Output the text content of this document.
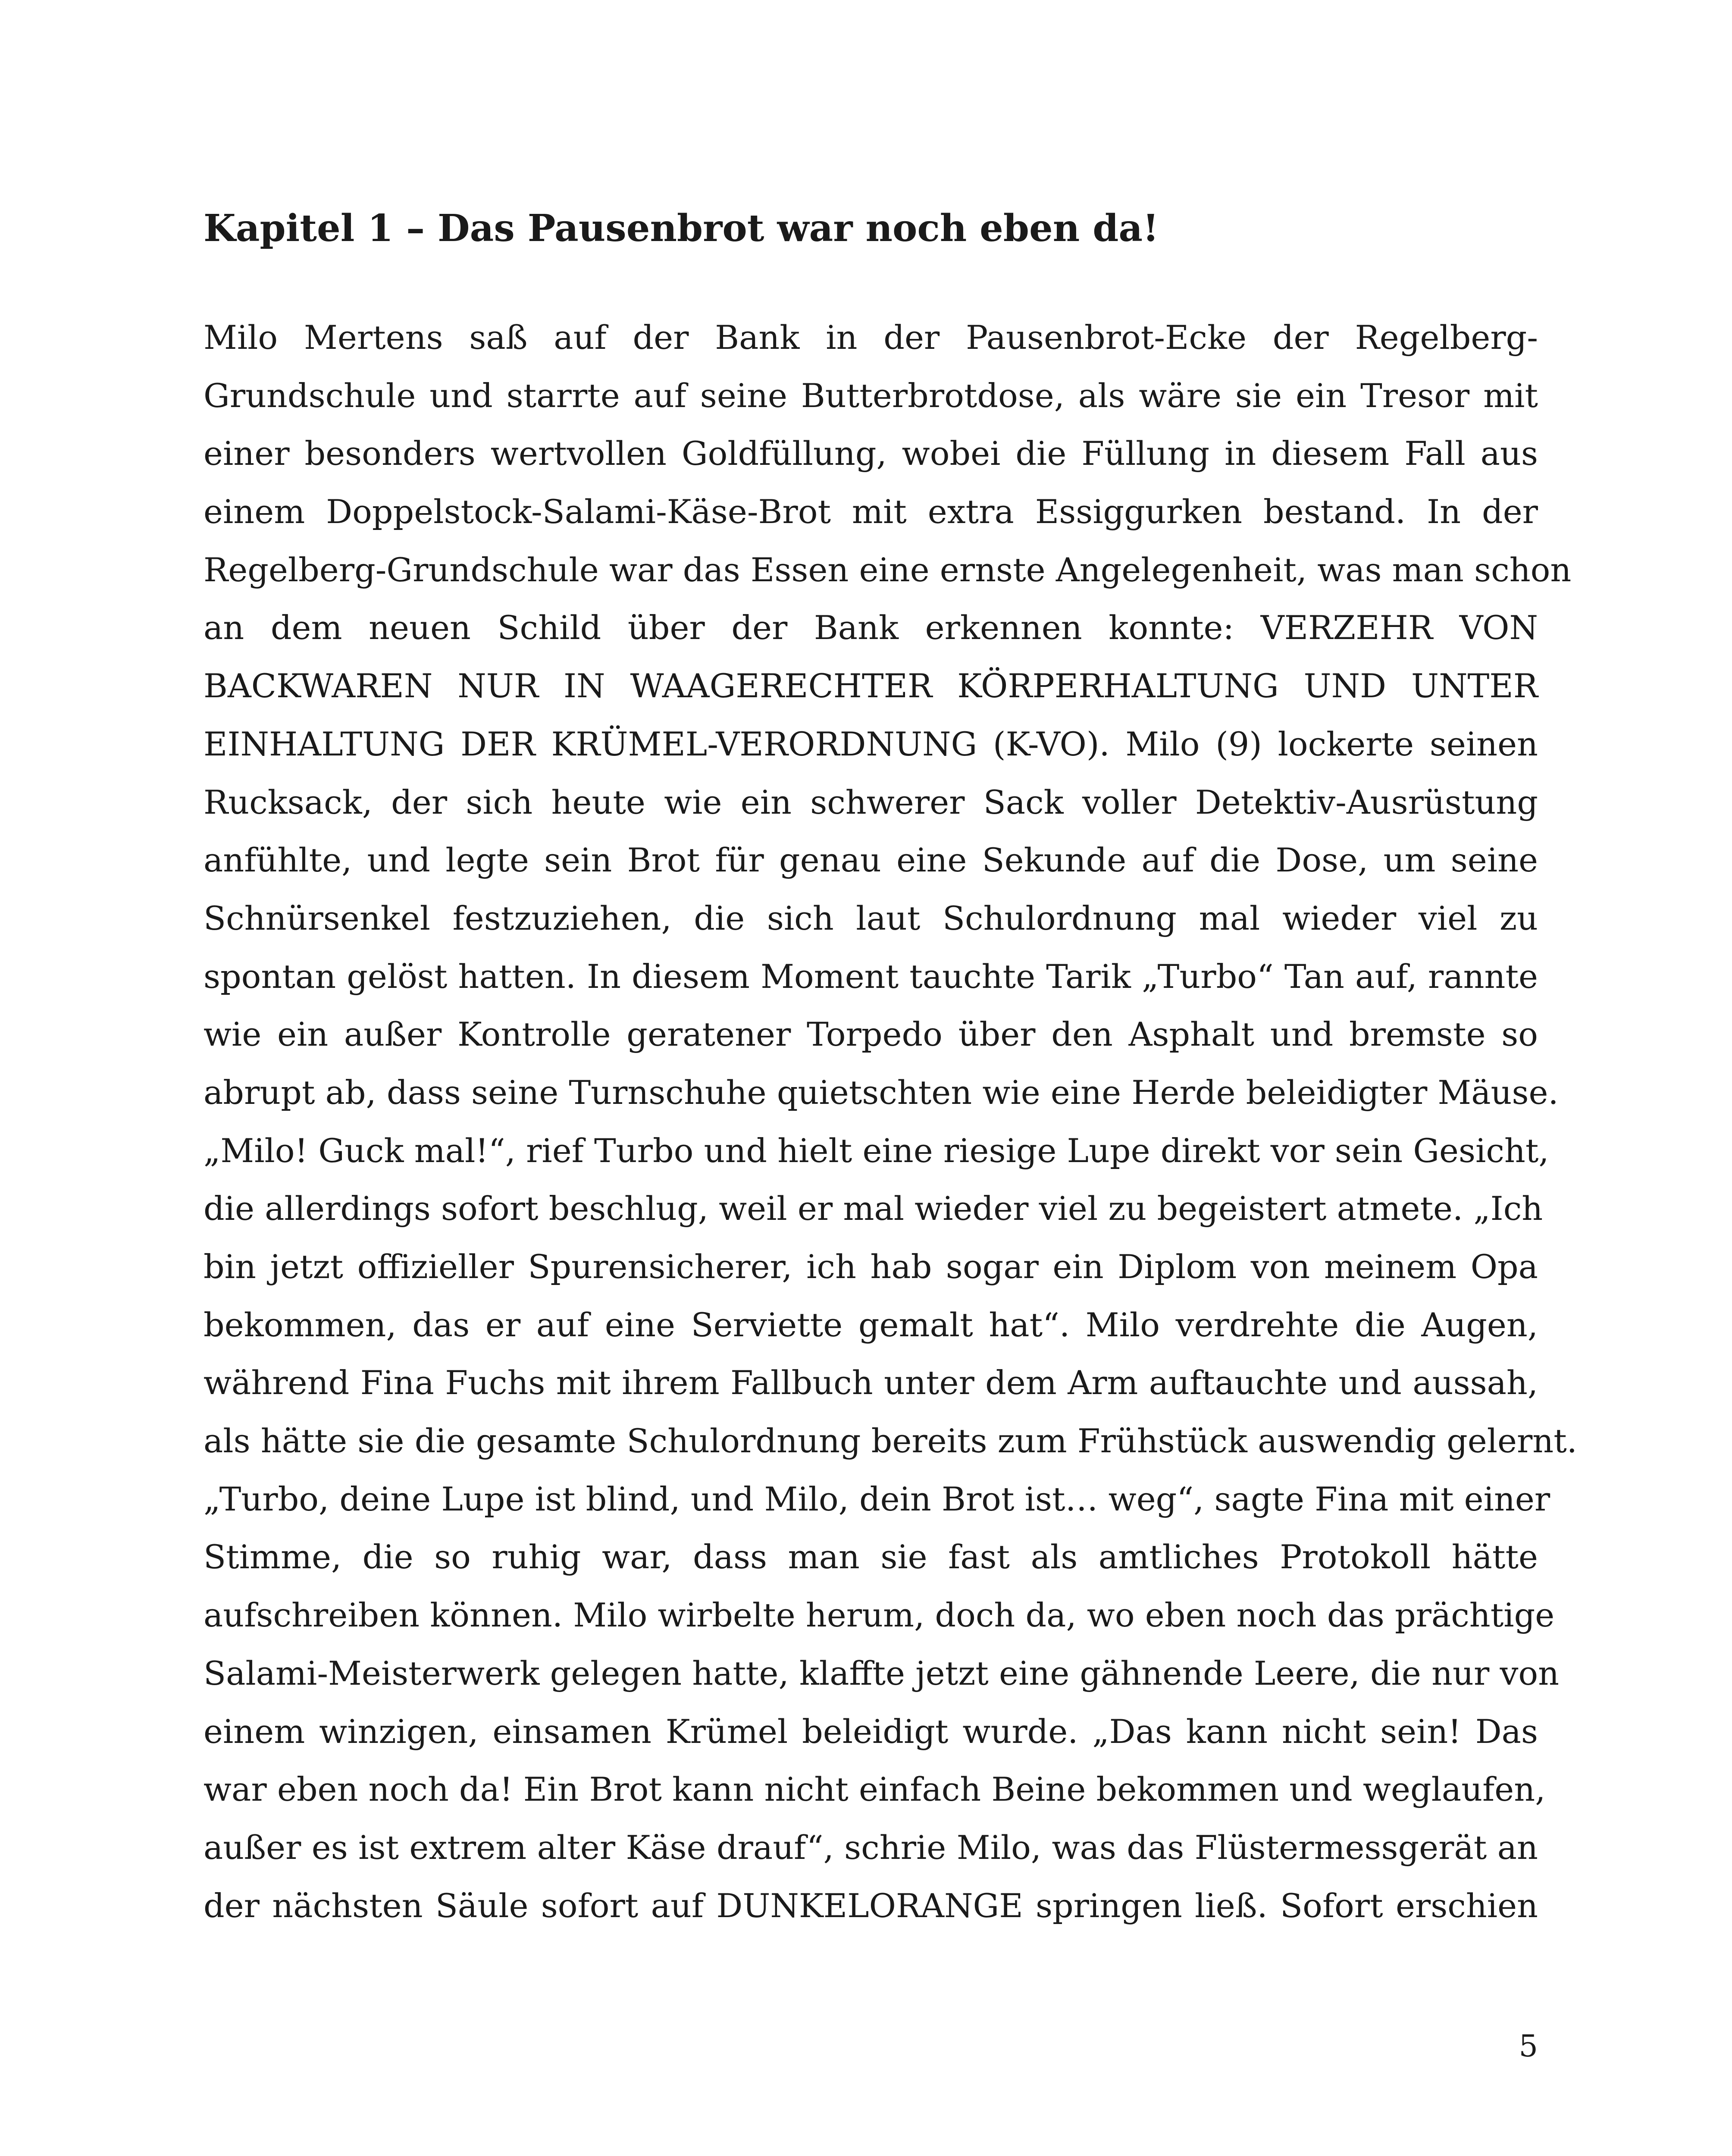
Kapitel 1 – Das Pausenbrot war noch eben da!
Milo Mertens saß auf der Bank in der Pausenbrot-Ecke der Regelberg-
Grundschule und starrte auf seine Butterbrotdose, als wäre sie ein Tresor mit
einer besonders wertvollen Goldfüllung, wobei die Füllung in diesem Fall aus
einem Doppelstock-Salami-Käse-Brot mit extra Essiggurken bestand. In der
Regelberg-Grundschule war das Essen eine ernste Angelegenheit, was man schon
an dem neuen Schild über der Bank erkennen konnte: VERZEHR VON
BACKWAREN NUR IN WAAGERECHTER KÖRPERHALTUNG UND UNTER
EINHALTUNG DER KRÜMEL-VERORDNUNG (K-VO). Milo (9) lockerte seinen
Rucksack, der sich heute wie ein schwerer Sack voller Detektiv-Ausrüstung
anfühlte, und legte sein Brot für genau eine Sekunde auf die Dose, um seine
Schnürsenkel festzuziehen, die sich laut Schulordnung mal wieder viel zu
spontan gelöst hatten. In diesem Moment tauchte Tarik „Turbo“ Tan auf, rannte
wie ein außer Kontrolle geratener Torpedo über den Asphalt und bremste so
abrupt ab, dass seine Turnschuhe quietschten wie eine Herde beleidigter Mäuse.
„Milo! Guck mal!“, rief Turbo und hielt eine riesige Lupe direkt vor sein Gesicht,
die allerdings sofort beschlug, weil er mal wieder viel zu begeistert atmete. „Ich
bin jetzt offizieller Spurensicherer, ich hab sogar ein Diplom von meinem Opa
bekommen, das er auf eine Serviette gemalt hat“. Milo verdrehte die Augen,
während Fina Fuchs mit ihrem Fallbuch unter dem Arm auftauchte und aussah,
als hätte sie die gesamte Schulordnung bereits zum Frühstück auswendig gelernt.
„Turbo, deine Lupe ist blind, und Milo, dein Brot ist… weg“, sagte Fina mit einer
Stimme, die so ruhig war, dass man sie fast als amtliches Protokoll hätte
aufschreiben können. Milo wirbelte herum, doch da, wo eben noch das prächtige
Salami-Meisterwerk gelegen hatte, klaffte jetzt eine gähnende Leere, die nur von
einem winzigen, einsamen Krümel beleidigt wurde. „Das kann nicht sein! Das
war eben noch da! Ein Brot kann nicht einfach Beine bekommen und weglaufen,
außer es ist extrem alter Käse drauf“, schrie Milo, was das Flüstermessgerät an
der nächsten Säule sofort auf DUNKELORANGE springen ließ. Sofort erschien
5
